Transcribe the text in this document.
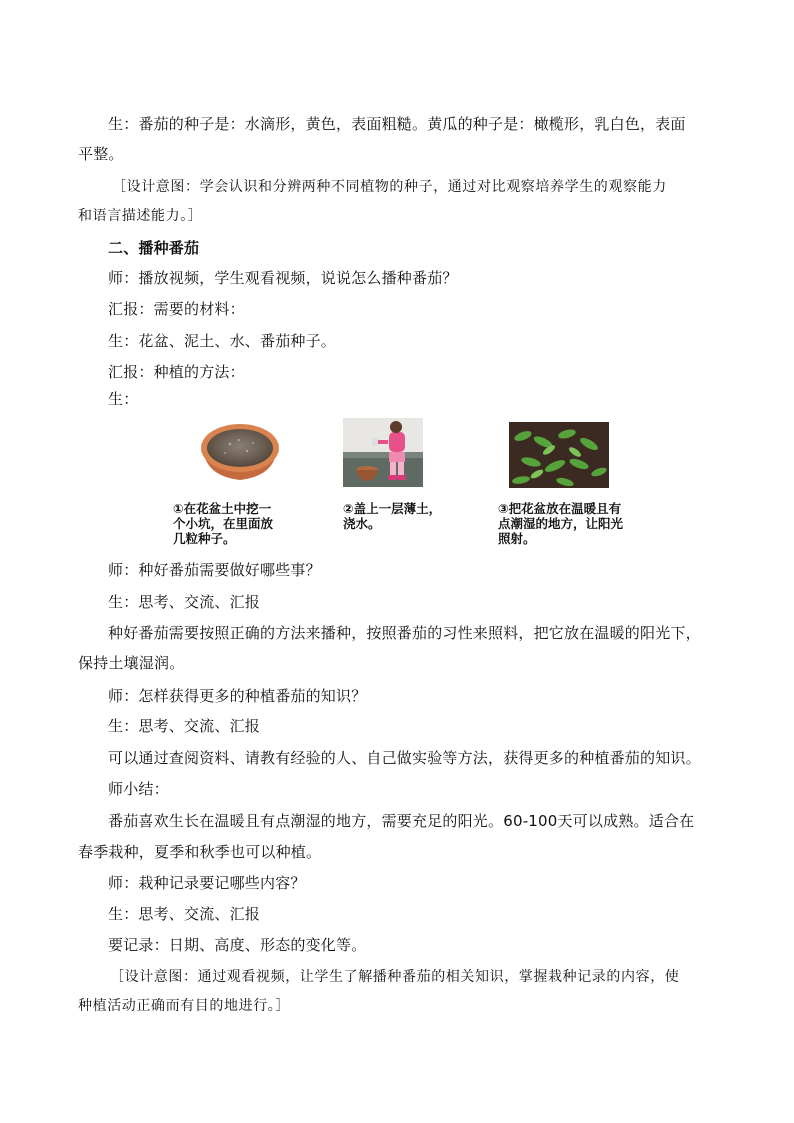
生：番茄的种子是：水滴形，黄色，表面粗糙。黄瓜的种子是：橄榄形，乳白色，表面
平整。
［设计意图：学会认识和分辨两种不同植物的种子，通过对比观察培养学生的观察能力
和语言描述能力。］
二、播种番茄
师：播放视频，学生观看视频，说说怎么播种番茄？
汇报：需要的材料：
生：花盆、泥土、水、番茄种子。
汇报：种植的方法：
生：
①在花盆土中挖一
个小坑，在里面放
几粒种子。
②盖上一层薄土，
浇水。
③把花盆放在温暖且有
点潮湿的地方，让阳光
照射。
师：种好番茄需要做好哪些事？
生：思考、交流、汇报
种好番茄需要按照正确的方法来播种，按照番茄的习性来照料，把它放在温暖的阳光下，
保持土壤湿润。
师：怎样获得更多的种植番茄的知识？
生：思考、交流、汇报
可以通过查阅资料、请教有经验的人、自己做实验等方法，获得更多的种植番茄的知识。
师小结：
番茄喜欢生长在温暖且有点潮湿的地方，需要充足的阳光。60-100天可以成熟。适合在
春季栽种，夏季和秋季也可以种植。
师：栽种记录要记哪些内容？
生：思考、交流、汇报
要记录：日期、高度、形态的变化等。
［设计意图：通过观看视频，让学生了解播种番茄的相关知识，掌握栽种记录的内容，使
种植活动正确而有目的地进行。］
